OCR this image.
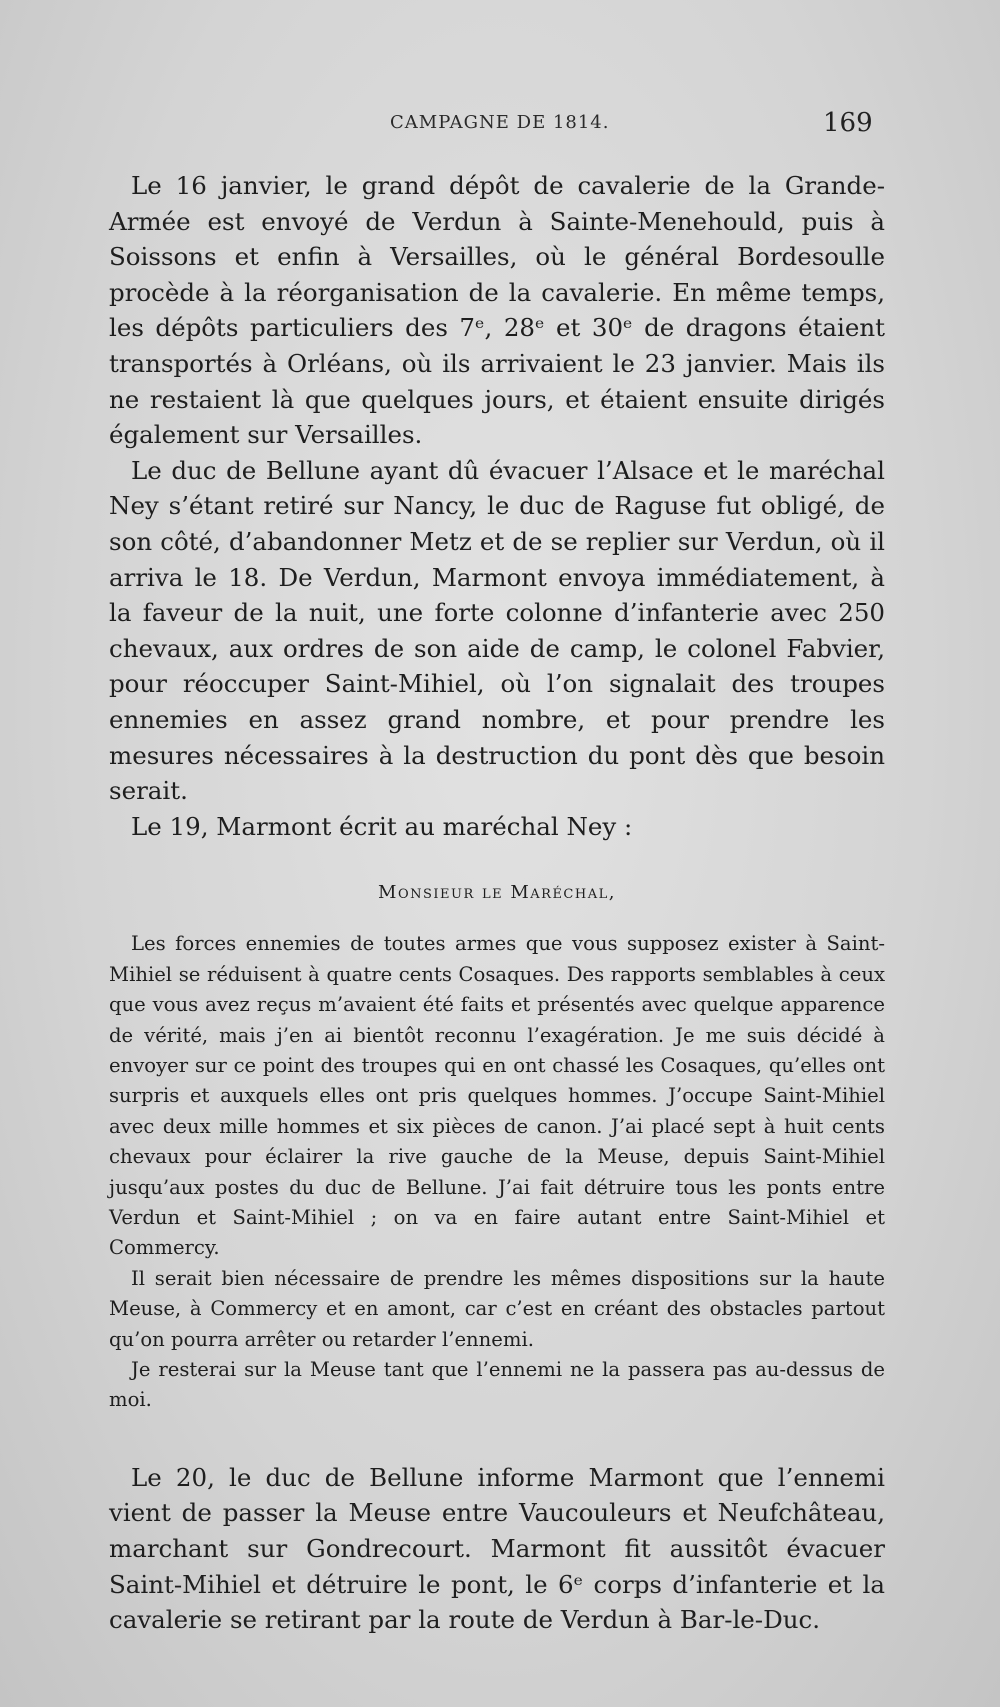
CAMPAGNE DE 1814.	169

Le 16 janvier, le grand dépôt de cavalerie de la Grande-Armée est envoyé de Verdun à Sainte-Menehould, puis à Soissons et enfin à Versailles, où le général Bordesoulle procède à la réorganisation de la cavalerie. En même temps, les dépôts particuliers des 7ᵉ, 28ᵉ et 30ᵉ de dragons étaient transportés à Orléans, où ils arrivaient le 23 janvier. Mais ils ne restaient là que quelques jours, et étaient ensuite dirigés également sur Versailles.

Le duc de Bellune ayant dû évacuer l’Alsace et le maréchal Ney s’étant retiré sur Nancy, le duc de Raguse fut obligé, de son côté, d’abandonner Metz et de se replier sur Verdun, où il arriva le 18. De Verdun, Marmont envoya immédiatement, à la faveur de la nuit, une forte colonne d’infanterie avec 250 chevaux, aux ordres de son aide de camp, le colonel Fabvier, pour réoccuper Saint-Mihiel, où l’on signalait des troupes ennemies en assez grand nombre, et pour prendre les mesures nécessaires à la destruction du pont dès que besoin serait.

Le 19, Marmont écrit au maréchal Ney :

Monsieur le Maréchal,

Les forces ennemies de toutes armes que vous supposez exister à Saint-Mihiel se réduisent à quatre cents Cosaques. Des rapports semblables à ceux que vous avez reçus m’avaient été faits et présentés avec quelque apparence de vérité, mais j’en ai bientôt reconnu l’exagération. Je me suis décidé à envoyer sur ce point des troupes qui en ont chassé les Cosaques, qu’elles ont surpris et auxquels elles ont pris quelques hommes. J’occupe Saint-Mihiel avec deux mille hommes et six pièces de canon. J’ai placé sept à huit cents chevaux pour éclairer la rive gauche de la Meuse, depuis Saint-Mihiel jusqu’aux postes du duc de Bellune. J’ai fait détruire tous les ponts entre Verdun et Saint-Mihiel ; on va en faire autant entre Saint-Mihiel et Commercy.

Il serait bien nécessaire de prendre les mêmes dispositions sur la haute Meuse, à Commercy et en amont, car c’est en créant des obstacles partout qu’on pourra arrêter ou retarder l’ennemi.

Je resterai sur la Meuse tant que l’ennemi ne la passera pas au-dessus de moi.

Le 20, le duc de Bellune informe Marmont que l’ennemi vient de passer la Meuse entre Vaucouleurs et Neufchâteau, marchant sur Gondrecourt. Marmont fit aussitôt évacuer Saint-Mihiel et détruire le pont, le 6ᵉ corps d’infanterie et la cavalerie se retirant par la route de Verdun à Bar-le-Duc.
